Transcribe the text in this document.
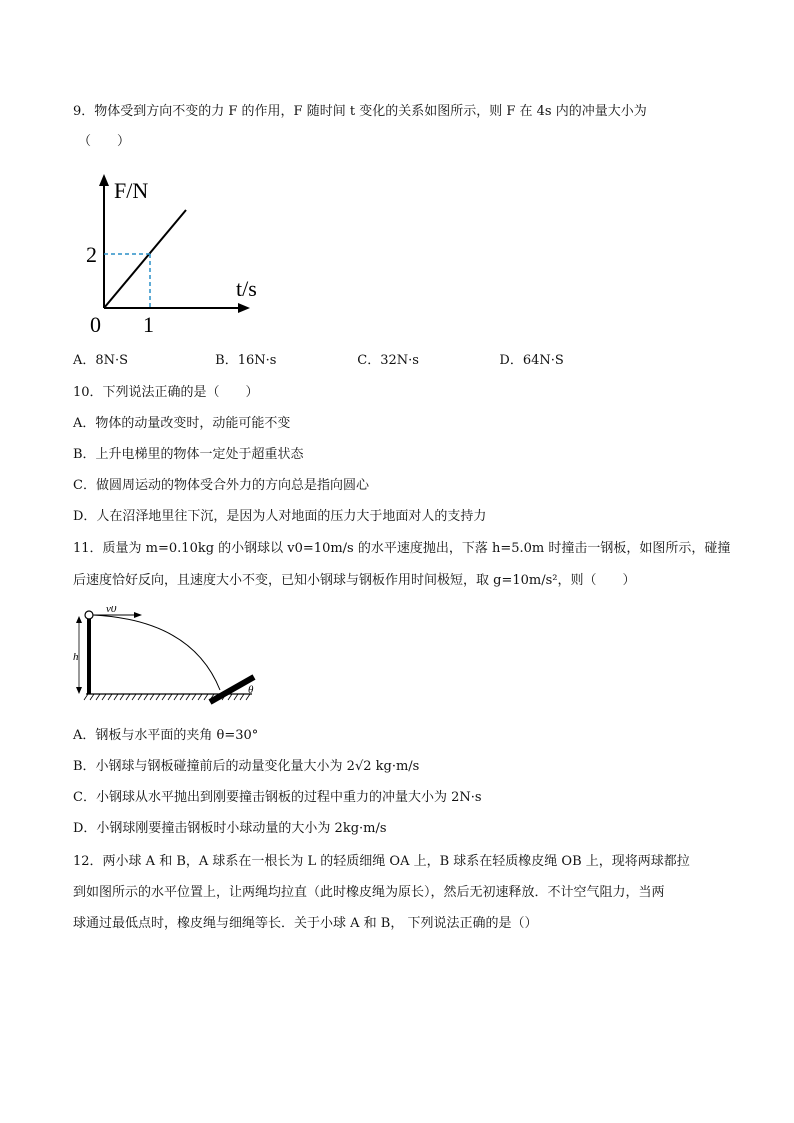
9．物体受到方向不变的力 F 的作用，F 随时间 t 变化的关系如图所示，则 F 在 4s 内的冲量大小为
（　　）
F/N
t/s
0
2
1
A．8N·S	B．16N·s	C．32N·s	D．64N·S
10．下列说法正确的是（　　）
A．物体的动量改变时，动能可能不变
B．上升电梯里的物体一定处于超重状态
C．做圆周运动的物体受合外力的方向总是指向圆心
D．人在沼泽地里往下沉，是因为人对地面的压力大于地面对人的支持力
11．质量为 m=0.10kg 的小钢球以 v0=10m/s 的水平速度抛出，下落 h=5.0m 时撞击一钢板，如图所示，碰撞
后速度恰好反向，且速度大小不变，已知小钢球与钢板作用时间极短，取 g=10m/s²，则（　　）
v0
h
θ
A．钢板与水平面的夹角 θ=30°
B．小钢球与钢板碰撞前后的动量变化量大小为 2√2 kg·m/s
C．小钢球从水平抛出到刚要撞击钢板的过程中重力的冲量大小为 2N·s
D．小钢球刚要撞击钢板时小球动量的大小为 2kg·m/s
12．两小球 A 和 B，A 球系在一根长为 L 的轻质细绳 OA 上，B 球系在轻质橡皮绳 OB 上，现将两球都拉
到如图所示的水平位置上，让两绳均拉直（此时橡皮绳为原长），然后无初速释放．不计空气阻力，当两
球通过最低点时，橡皮绳与细绳等长．关于小球 A 和 B， 下列说法正确的是（）
